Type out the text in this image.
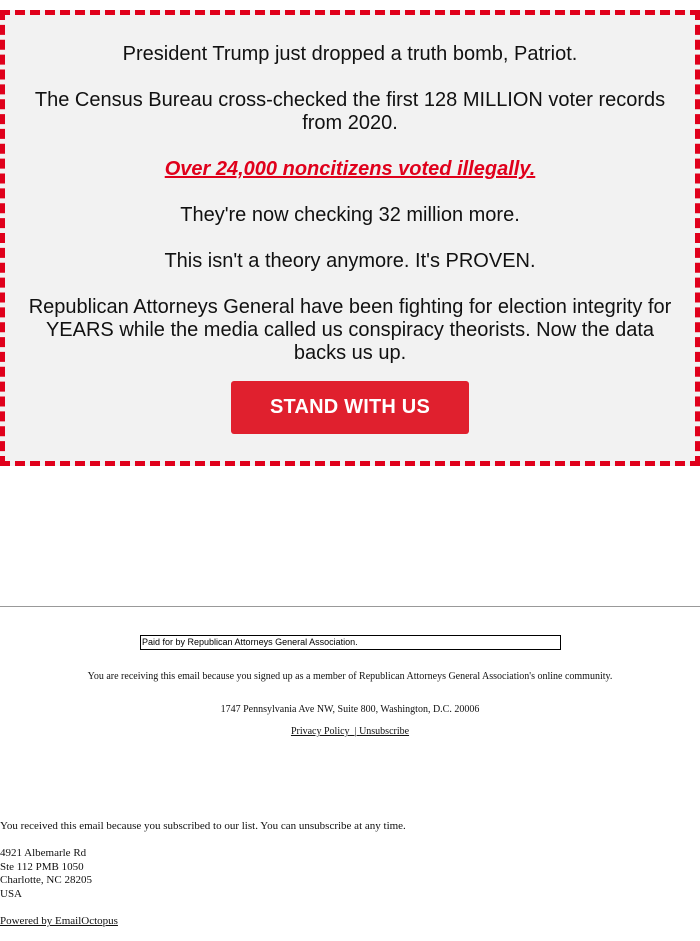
President Trump just dropped a truth bomb, Patriot.

The Census Bureau cross-checked the first 128 MILLION voter records from 2020.

Over 24,000 noncitizens voted illegally.

They're now checking 32 million more.

This isn't a theory anymore. It's PROVEN.

Republican Attorneys General have been fighting for election integrity for YEARS while the media called us conspiracy theorists. Now the data backs us up.

STAND WITH US
Paid for by Republican Attorneys General Association.
You are receiving this email because you signed up as a member of Republican Attorneys General Association's online community.
1747 Pennsylvania Ave NW, Suite 800, Washington, D.C. 20006
Privacy Policy | Unsubscribe
You received this email because you subscribed to our list. You can unsubscribe at any time.
4921 Albemarle Rd
Ste 112 PMB 1050
Charlotte, NC 28205
USA
Powered by EmailOctopus
